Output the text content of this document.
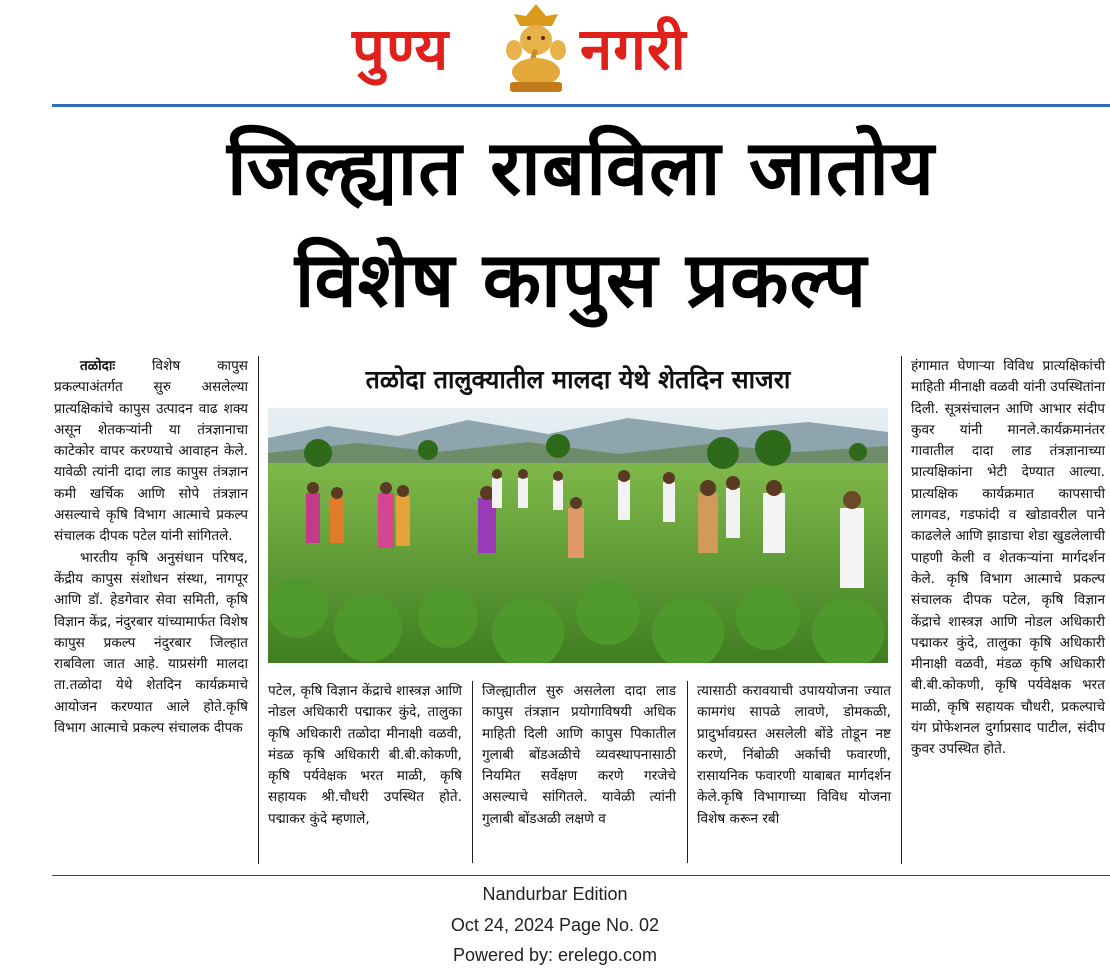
पुण्य नगरी
जिल्ह्यात राबविला जातोय
विशेष कापुस प्रकल्प

तळोदाः विशेष कापुस प्रकल्पाअंतर्गत सुरु असलेल्या प्रात्यक्षिकांचे कापुस उत्पादन वाढ शक्य असून शेतकऱ्यांनी या तंत्रज्ञानाचा काटेकोर वापर करण्याचे आवाहन केले. यावेळी त्यांनी दादा लाड कापुस तंत्रज्ञान कमी खर्चिक आणि सोपे तंत्रज्ञान असल्याचे कृषि विभाग आत्माचे प्रकल्प संचालक दीपक पटेल यांनी सांगितले.

भारतीय कृषि अनुसंधान परिषद, केंद्रीय कापुस संशोधन संस्था, नागपूर आणि डॉ. हेडगेवार सेवा समिती, कृषि विज्ञान केंद्र, नंदुरबार यांच्यामार्फत विशेष कापुस प्रकल्प नंदुरबार जिल्हात राबविला जात आहे. याप्रसंगी मालदा ता.तळोदा येथे शेतदिन कार्यक्रमाचे आयोजन करण्यात आले होते.कृषि विभाग आत्माचे प्रकल्प संचालक दीपक

तळोदा तालुक्यातील मालदा येथे शेतदिन साजरा

पटेल, कृषि विज्ञान केंद्राचे शास्त्रज्ञ आणि नोडल अधिकारी पद्माकर कुंदे, तालुका कृषि अधिकारी तळोदा मीनाक्षी वळवी, मंडळ कृषि अधिकारी बी.बी.कोकणी, कृषि पर्यवेक्षक भरत माळी, कृषि सहायक श्री.चौधरी उपस्थित होते. पद्माकर कुंदे म्हणाले,

जिल्ह्यातील सुरु असलेला दादा लाड कापुस तंत्रज्ञान प्रयोगाविषयी अधिक माहिती दिली आणि कापुस पिकातील गुलाबी बोंडअळीचे व्यवस्थापनासाठी नियमित सर्वेक्षण करणे गरजेचे असल्याचे सांगितले. यावेळी त्यांनी गुलाबी बोंडअळी लक्षणे व

त्यासाठी करावयाची उपाययोजना ज्यात कामगंध सापळे लावणे, डोमकळी, प्रादुर्भावग्रस्त असलेली बोंडे तोडून नष्ट करणे, निंबोळी अर्काची फवारणी, रासायनिक फवारणी याबाबत मार्गदर्शन केले.कृषि विभागाच्या विविध योजना विशेष करून रबी

हंगामात घेणाऱ्या विविध प्रात्यक्षिकांची माहिती मीनाक्षी वळवी यांनी उपस्थितांना दिली. सूत्रसंचालन आणि आभार संदीप कुवर यांनी मानले.कार्यक्रमानंतर गावातील दादा लाड तंत्रज्ञानाच्या प्रात्यक्षिकांना भेटी देण्यात आल्या. प्रात्यक्षिक कार्यक्रमात कापसाची लागवड, गडफांदी व खोडावरील पाने काढलेले आणि झाडाचा शेडा खुडलेलाची पाहणी केली व शेतकऱ्यांना मार्गदर्शन केले. कृषि विभाग आत्माचे प्रकल्प संचालक दीपक पटेल, कृषि विज्ञान केंद्राचे शास्त्रज्ञ आणि नोडल अधिकारी पद्माकर कुंदे, तालुका कृषि अधिकारी मीनाक्षी वळवी, मंडळ कृषि अधिकारी बी.बी.कोकणी, कृषि पर्यवेक्षक भरत माळी, कृषि सहायक चौधरी, प्रकल्पाचे यंग प्रोफेशनल दुर्गाप्रसाद पाटील, संदीप कुवर उपस्थित होते.

Nandurbar Edition
Oct 24, 2024 Page No. 02
Powered by: erelego.com
